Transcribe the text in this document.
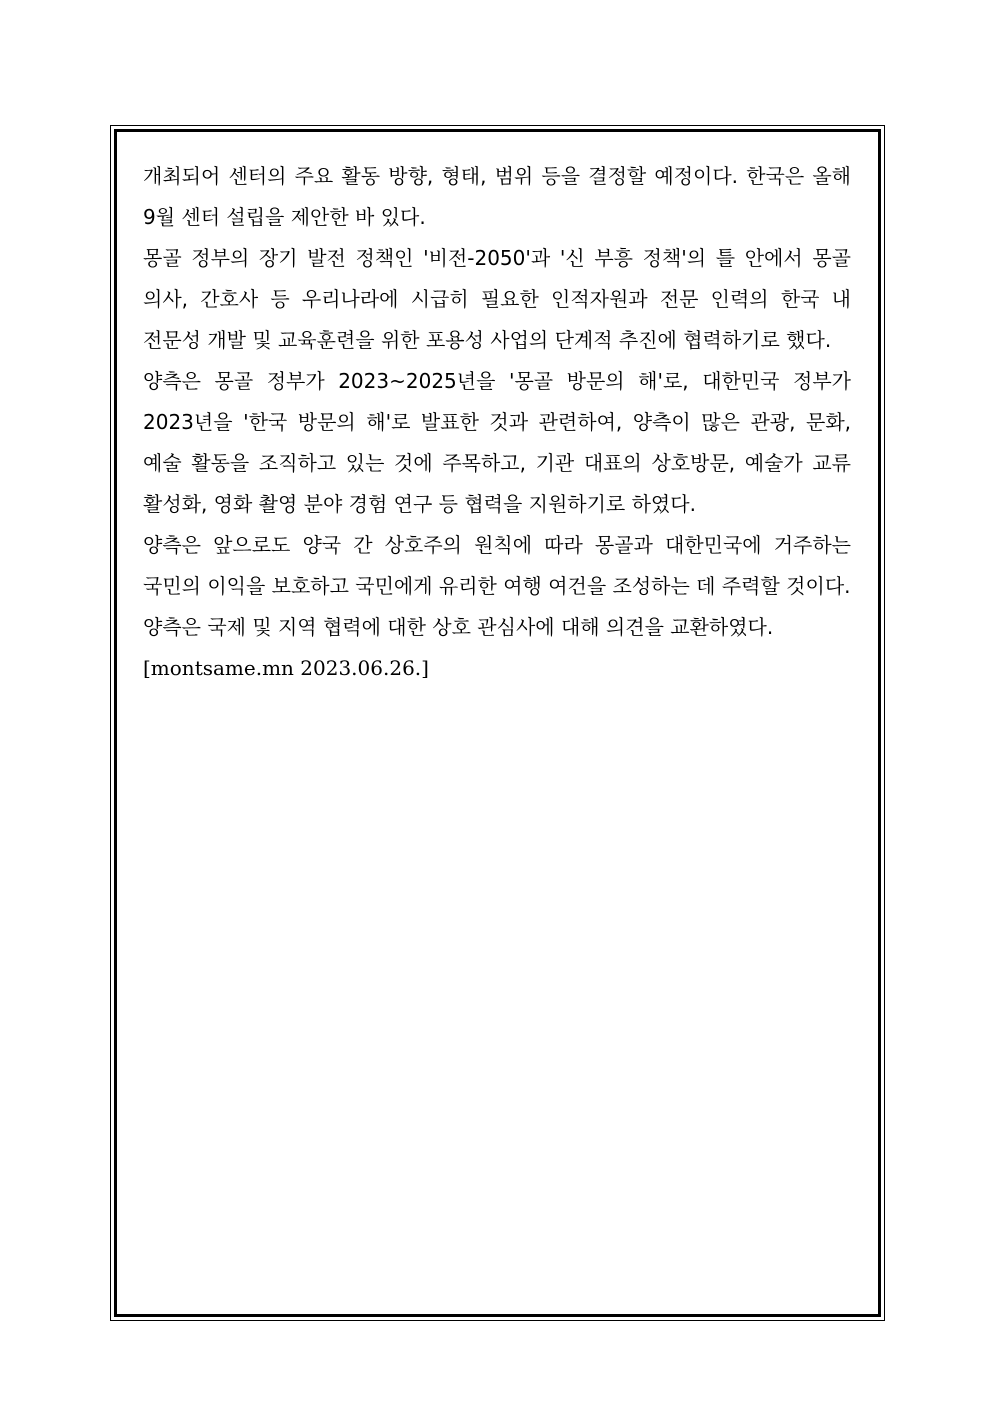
개최되어 센터의 주요 활동 방향, 형태, 범위 등을 결정할 예정이다. 한국은 올해 9월 센터 설립을 제안한 바 있다.

몽골 정부의 장기 발전 정책인 '비전-2050'과 '신 부흥 정책'의 틀 안에서 몽골 의사, 간호사 등 우리나라에 시급히 필요한 인적자원과 전문 인력의 한국 내 전문성 개발 및 교육훈련을 위한 포용성 사업의 단계적 추진에 협력하기로 했다.

양측은 몽골 정부가 2023~2025년을 '몽골 방문의 해'로, 대한민국 정부가 2023년을 '한국 방문의 해'로 발표한 것과 관련하여, 양측이 많은 관광, 문화, 예술 활동을 조직하고 있는 것에 주목하고, 기관 대표의 상호방문, 예술가 교류 활성화, 영화 촬영 분야 경험 연구 등 협력을 지원하기로 하였다.

양측은 앞으로도 양국 간 상호주의 원칙에 따라 몽골과 대한민국에 거주하는 국민의 이익을 보호하고 국민에게 유리한 여행 여건을 조성하는 데 주력할 것이다.

양측은 국제 및 지역 협력에 대한 상호 관심사에 대해 의견을 교환하였다.

[montsame.mn 2023.06.26.]
